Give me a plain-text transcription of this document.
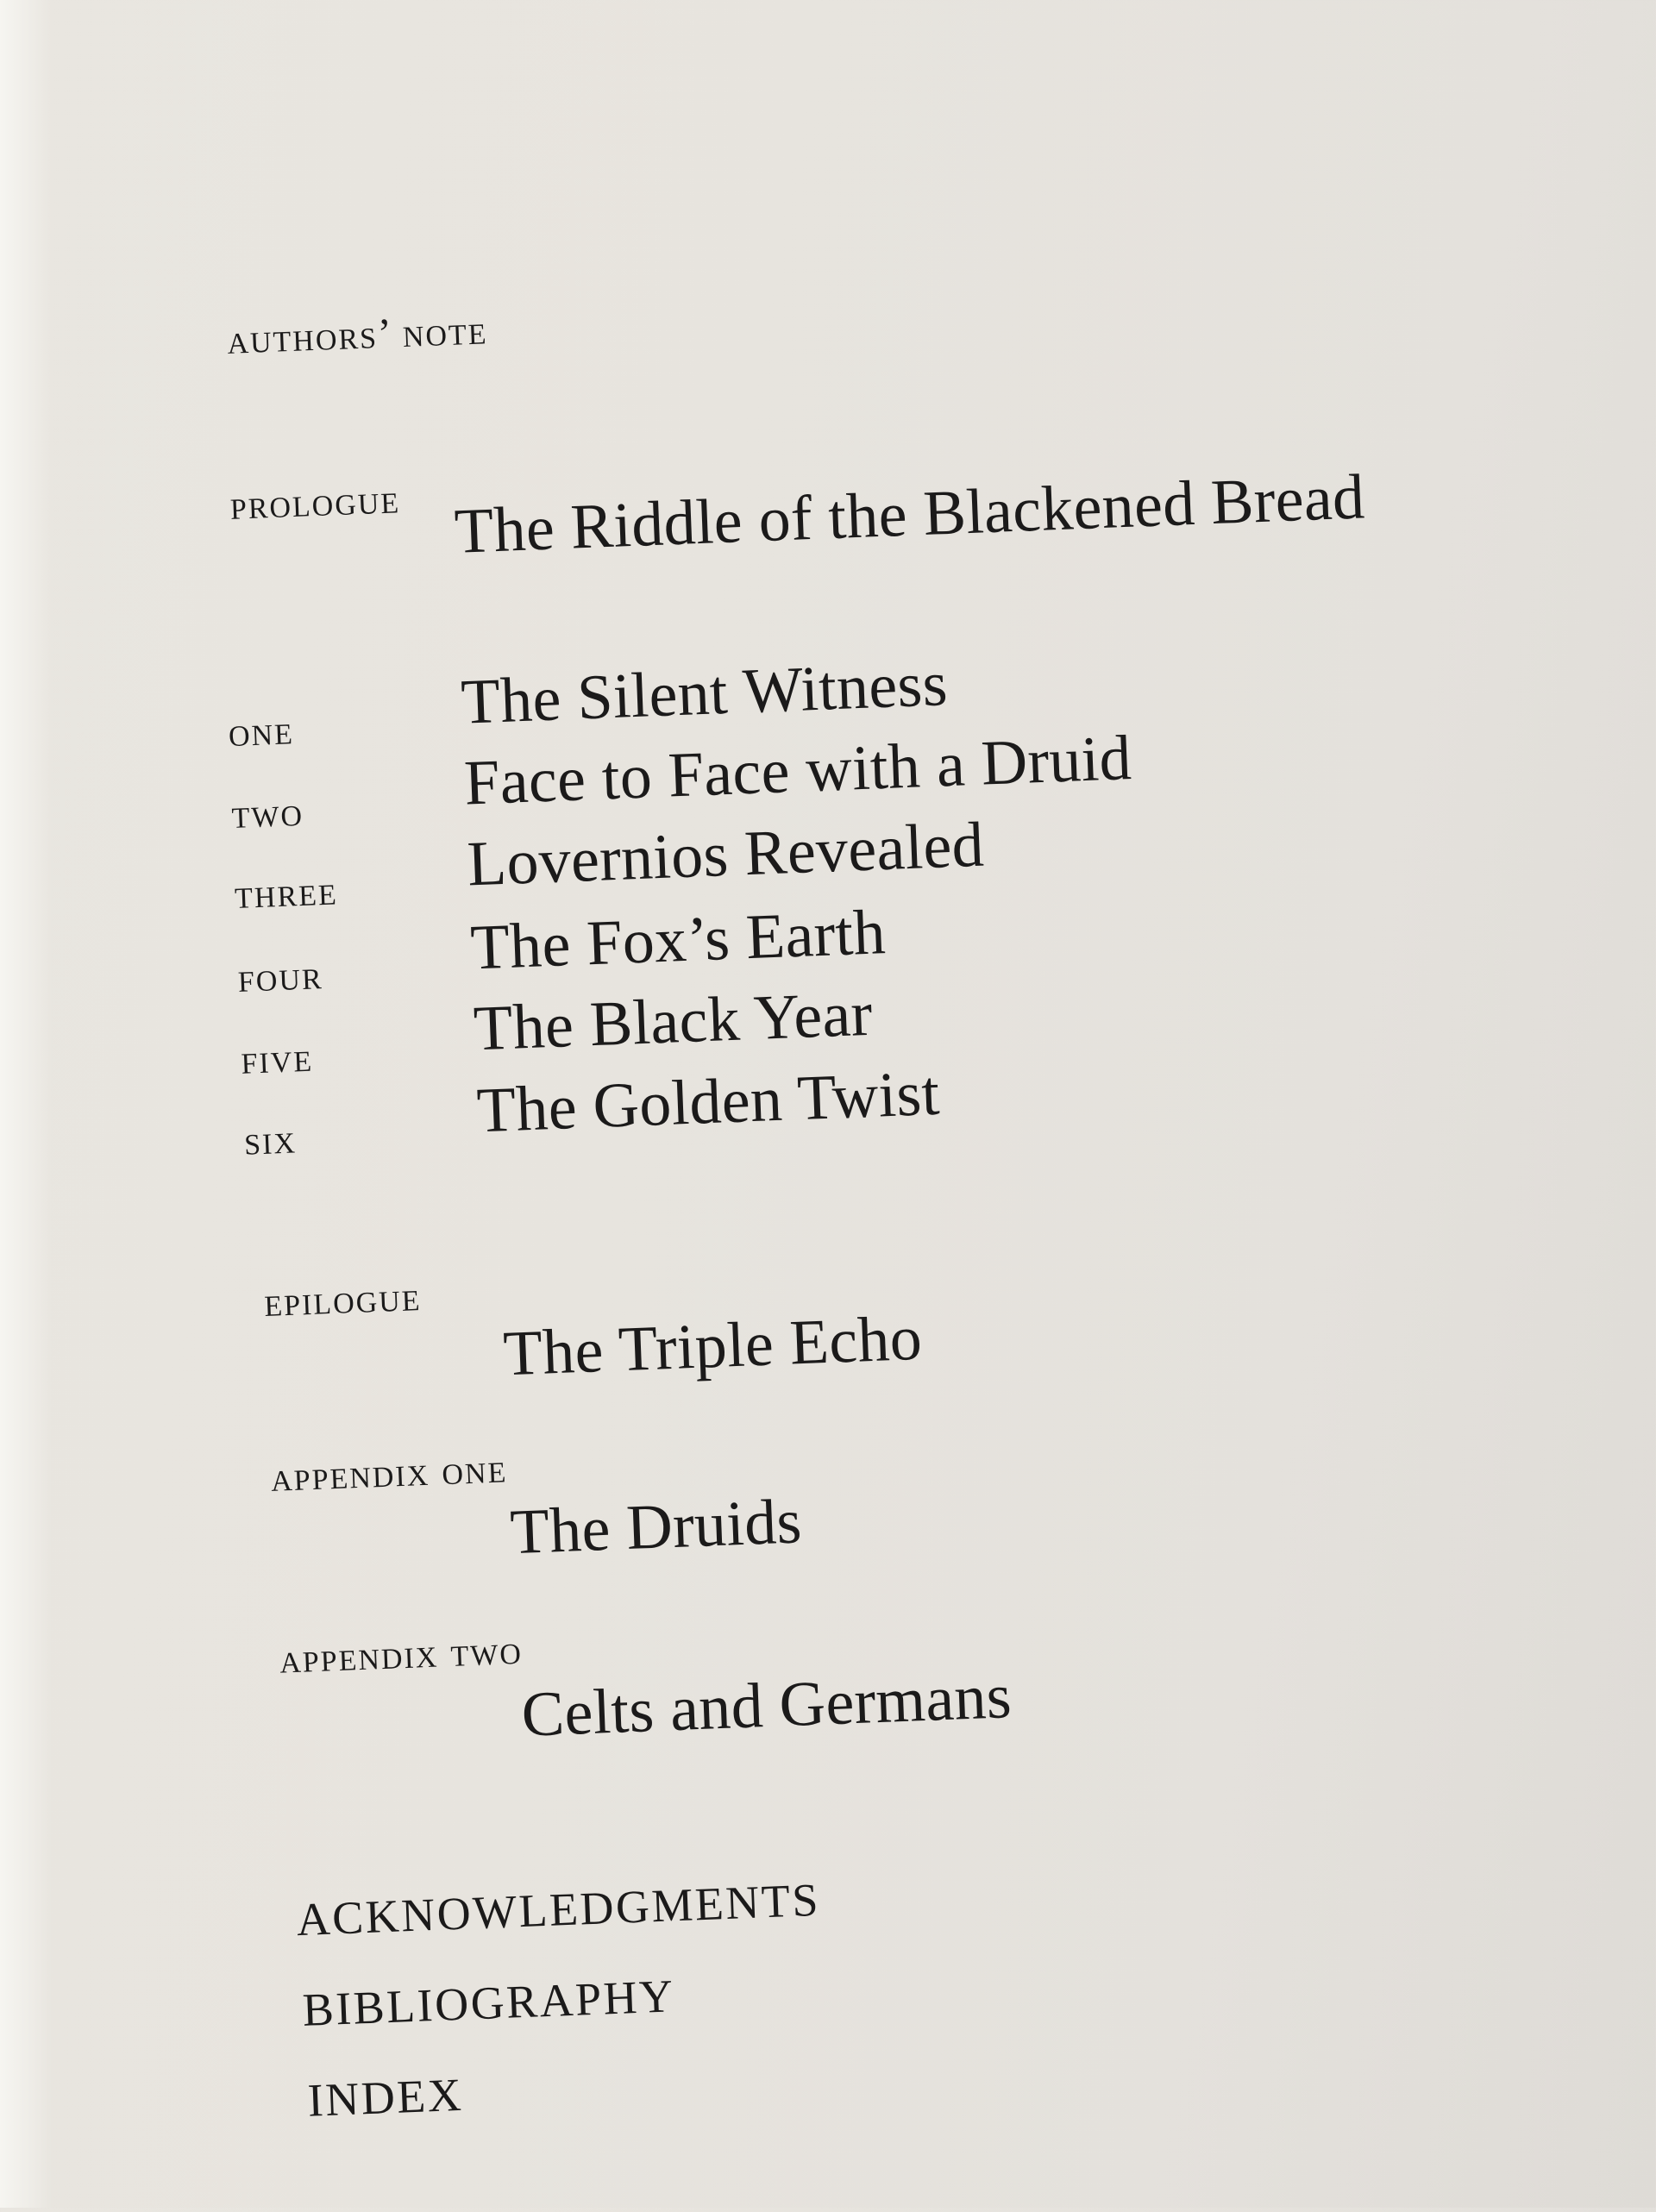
authors’ note
prologue The Riddle of the Blackened Bread
one	The Silent Witness
two Face to Face with a Druid
three Lovernios Revealed
four The Fox’s Earth
five The Black Year
six	The Golden Twist
epilogue
The Triple Echo
appendix one
The Druids
appendix two
Celts and Germans
ACKNOWLEDGMENTS
BIBLIOGRAPHY
INDEX
